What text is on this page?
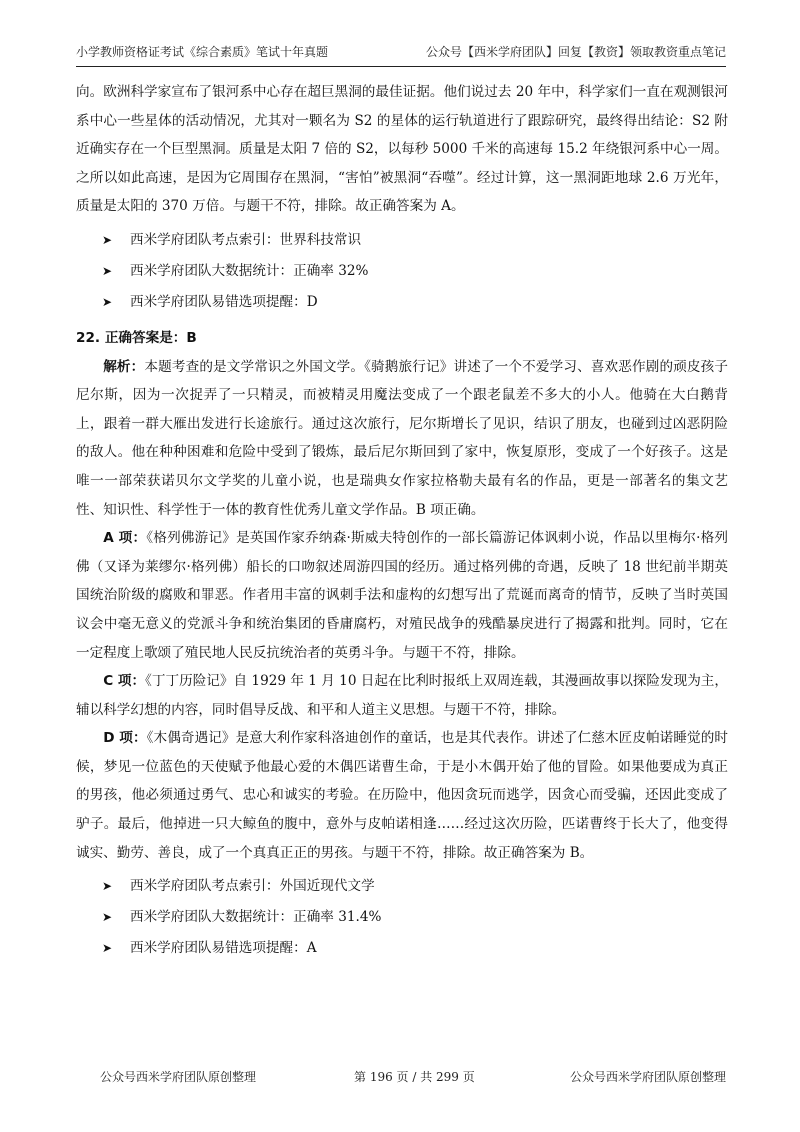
小学教师资格证考试《综合素质》笔试十年真题	公众号【西米学府团队】回复【教资】领取教资重点笔记

向。欧洲科学家宣布了银河系中心存在超巨黑洞的最佳证据。他们说过去 20 年中，科学家们一直在观测银河系中心一些星体的活动情况，尤其对一颗名为 S2 的星体的运行轨道进行了跟踪研究，最终得出结论：S2 附近确实存在一个巨型黑洞。质量是太阳 7 倍的 S2，以每秒 5000 千米的高速每 15.2 年绕银河系中心一周。之所以如此高速，是因为它周围存在黑洞，“害怕”被黑洞“吞噬”。经过计算，这一黑洞距地球 2.6 万光年，质量是太阳的 370 万倍。与题干不符，排除。故正确答案为 A。

➤ 西米学府团队考点索引：世界科技常识
➤ 西米学府团队大数据统计：正确率 32%
➤ 西米学府团队易错选项提醒：D

22. 正确答案是：B

解析：本题考查的是文学常识之外国文学。《骑鹅旅行记》讲述了一个不爱学习、喜欢恶作剧的顽皮孩子尼尔斯，因为一次捉弄了一只精灵，而被精灵用魔法变成了一个跟老鼠差不多大的小人。他骑在大白鹅背上，跟着一群大雁出发进行长途旅行。通过这次旅行，尼尔斯增长了见识，结识了朋友，也碰到过凶恶阴险的敌人。他在种种困难和危险中受到了锻炼，最后尼尔斯回到了家中，恢复原形，变成了一个好孩子。这是唯一一部荣获诺贝尔文学奖的儿童小说，也是瑞典女作家拉格勒夫最有名的作品，更是一部著名的集文艺性、知识性、科学性于一体的教育性优秀儿童文学作品。B 项正确。

A 项：《格列佛游记》是英国作家乔纳森·斯威夫特创作的一部长篇游记体讽刺小说，作品以里梅尔·格列佛（又译为莱缪尔·格列佛）船长的口吻叙述周游四国的经历。通过格列佛的奇遇，反映了 18 世纪前半期英国统治阶级的腐败和罪恶。作者用丰富的讽刺手法和虚构的幻想写出了荒诞而离奇的情节，反映了当时英国议会中毫无意义的党派斗争和统治集团的昏庸腐朽，对殖民战争的残酷暴戾进行了揭露和批判。同时，它在一定程度上歌颂了殖民地人民反抗统治者的英勇斗争。与题干不符，排除。

C 项：《丁丁历险记》自 1929 年 1 月 10 日起在比利时报纸上双周连载，其漫画故事以探险发现为主，辅以科学幻想的内容，同时倡导反战、和平和人道主义思想。与题干不符，排除。

D 项：《木偶奇遇记》是意大利作家科洛迪创作的童话，也是其代表作。讲述了仁慈木匠皮帕诺睡觉的时候，梦见一位蓝色的天使赋予他最心爱的木偶匹诺曹生命，于是小木偶开始了他的冒险。如果他要成为真正的男孩，他必须通过勇气、忠心和诚实的考验。在历险中，他因贪玩而逃学，因贪心而受骗，还因此变成了驴子。最后，他掉进一只大鲸鱼的腹中，意外与皮帕诺相逢……经过这次历险，匹诺曹终于长大了，他变得诚实、勤劳、善良，成了一个真真正正的男孩。与题干不符，排除。故正确答案为 B。

➤ 西米学府团队考点索引：外国近现代文学
➤ 西米学府团队大数据统计：正确率 31.4%
➤ 西米学府团队易错选项提醒：A
公众号西米学府团队原创整理	第 196 页 / 共 299 页	公众号西米学府团队原创整理
